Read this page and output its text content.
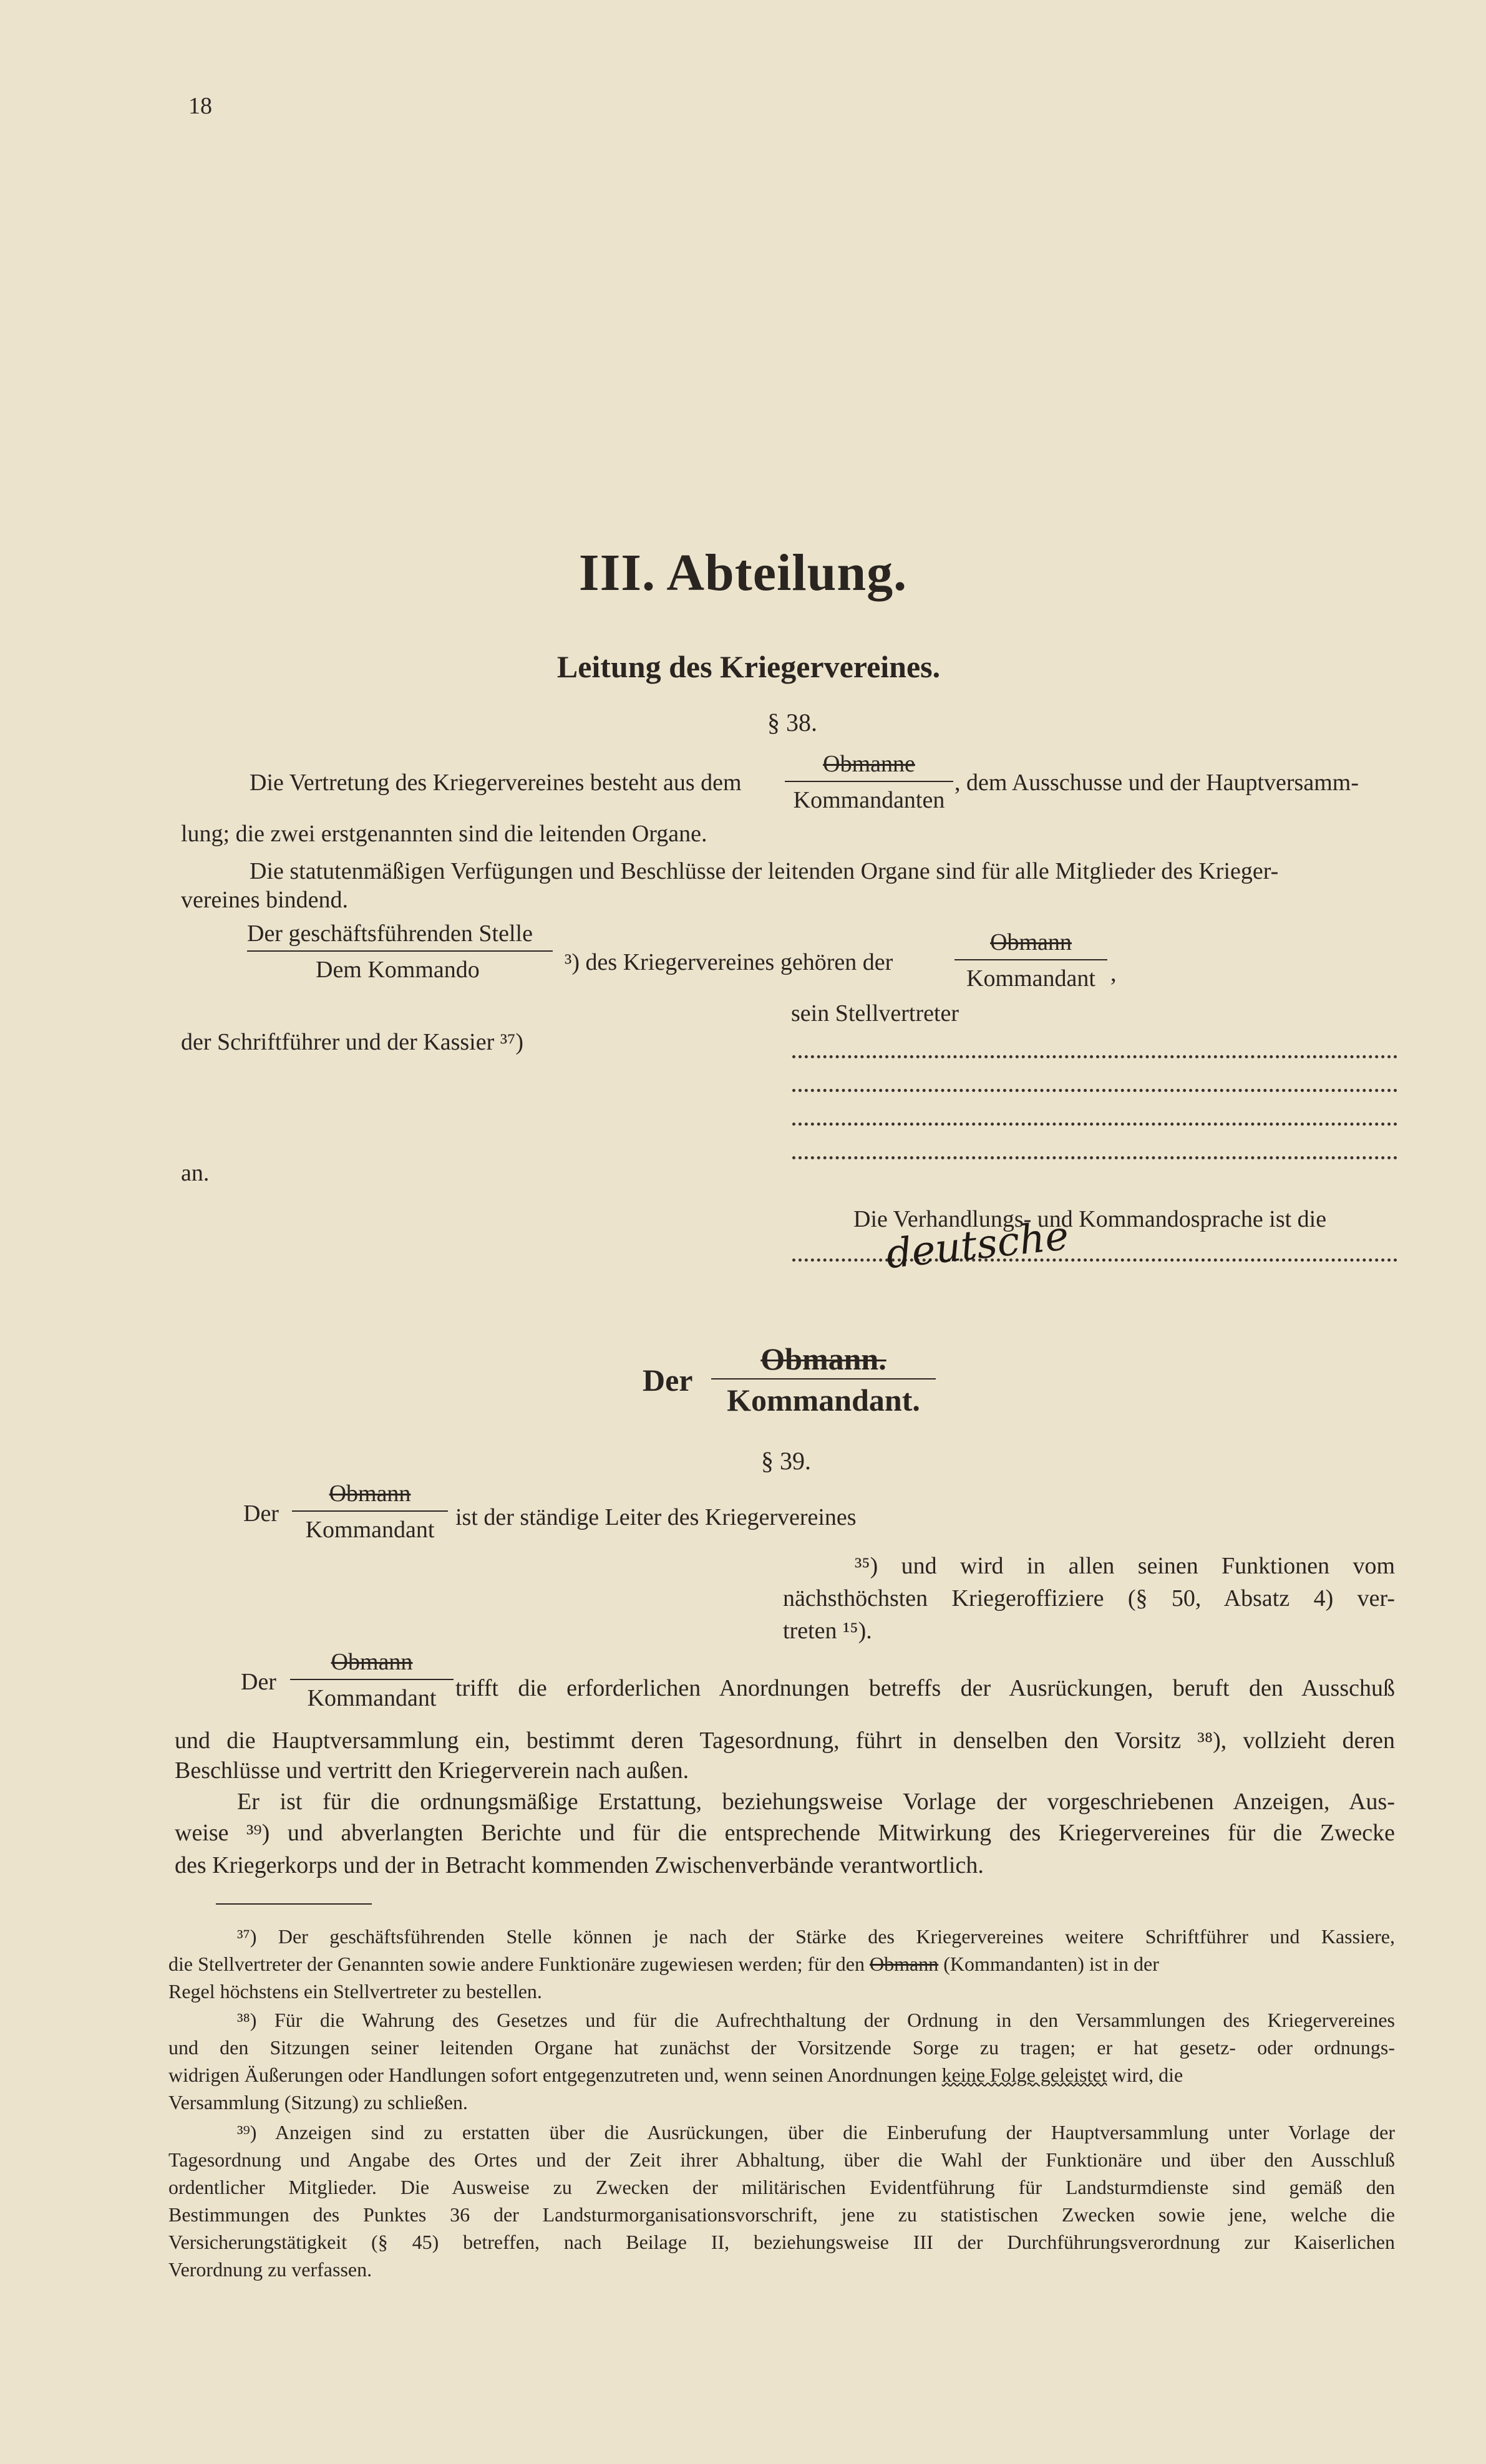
18
III. Abteilung.
Leitung des Kriegervereines.
§ 38.
Die Vertretung des Kriegervereines besteht aus dem
Obmanne
Kommandanten
, dem Ausschusse und der Hauptversamm-
lung; die zwei erstgenannten sind die leitenden Organe.
Die statutenmäßigen Verfügungen und Beschlüsse der leitenden Organe sind für alle Mitglieder des Krieger-
vereines bindend.
Der geschäftsführenden Stelle
Dem Kommando	³) des Kriegervereines gehören der
Obmann
Kommandant ,
sein Stellvertreter
der Schriftführer und der Kassier ³⁷)
an.
Die Verhandlungs- und Kommandosprache ist die
deutsche
Der
Obmann.
Kommandant.
§ 39.
Der
Obmann
Kommandant ist der ständige Leiter des Kriegervereines
³⁵) und wird in allen seinen Funktionen vom
nächsthöchsten Kriegeroffiziere (§ 50, Absatz 4) ver-
treten ¹⁵).
Der
Obmann
Kommandant trifft die erforderlichen Anordnungen betreffs der Ausrückungen, beruft den Ausschuß
und die Hauptversammlung ein, bestimmt deren Tagesordnung, führt in denselben den Vorsitz ³⁸), vollzieht deren
Beschlüsse und vertritt den Kriegerverein nach außen.
Er ist für die ordnungsmäßige Erstattung, beziehungsweise Vorlage der vorgeschriebenen Anzeigen, Aus-
weise ³⁹) und abverlangten Berichte und für die entsprechende Mitwirkung des Kriegervereines für die Zwecke
des Kriegerkorps und der in Betracht kommenden Zwischenverbände verantwortlich.
³⁷) Der geschäftsführenden Stelle können je nach der Stärke des Kriegervereines weitere Schriftführer und Kassiere,
die Stellvertreter der Genannten sowie andere Funktionäre zugewiesen werden; für den Obmann (Kommandanten) ist in der
Regel höchstens ein Stellvertreter zu bestellen.
³⁸) Für die Wahrung des Gesetzes und für die Aufrechthaltung der Ordnung in den Versammlungen des Kriegervereines
und den Sitzungen seiner leitenden Organe hat zunächst der Vorsitzende Sorge zu tragen; er hat gesetz- oder ordnungs-
widrigen Äußerungen oder Handlungen sofort entgegenzutreten und, wenn seinen Anordnungen keine Folge geleistet wird, die
Versammlung (Sitzung) zu schließen.
³⁹) Anzeigen sind zu erstatten über die Ausrückungen, über die Einberufung der Hauptversammlung unter Vorlage der
Tagesordnung und Angabe des Ortes und der Zeit ihrer Abhaltung, über die Wahl der Funktionäre und über den Ausschluß
ordentlicher Mitglieder. Die Ausweise zu Zwecken der militärischen Evidentführung für Landsturmdienste sind gemäß den
Bestimmungen des Punktes 36 der Landsturmorganisationsvorschrift, jene zu statistischen Zwecken sowie jene, welche die
Versicherungstätigkeit (§ 45) betreffen, nach Beilage II, beziehungsweise III der Durchführungsverordnung zur Kaiserlichen
Verordnung zu verfassen.
